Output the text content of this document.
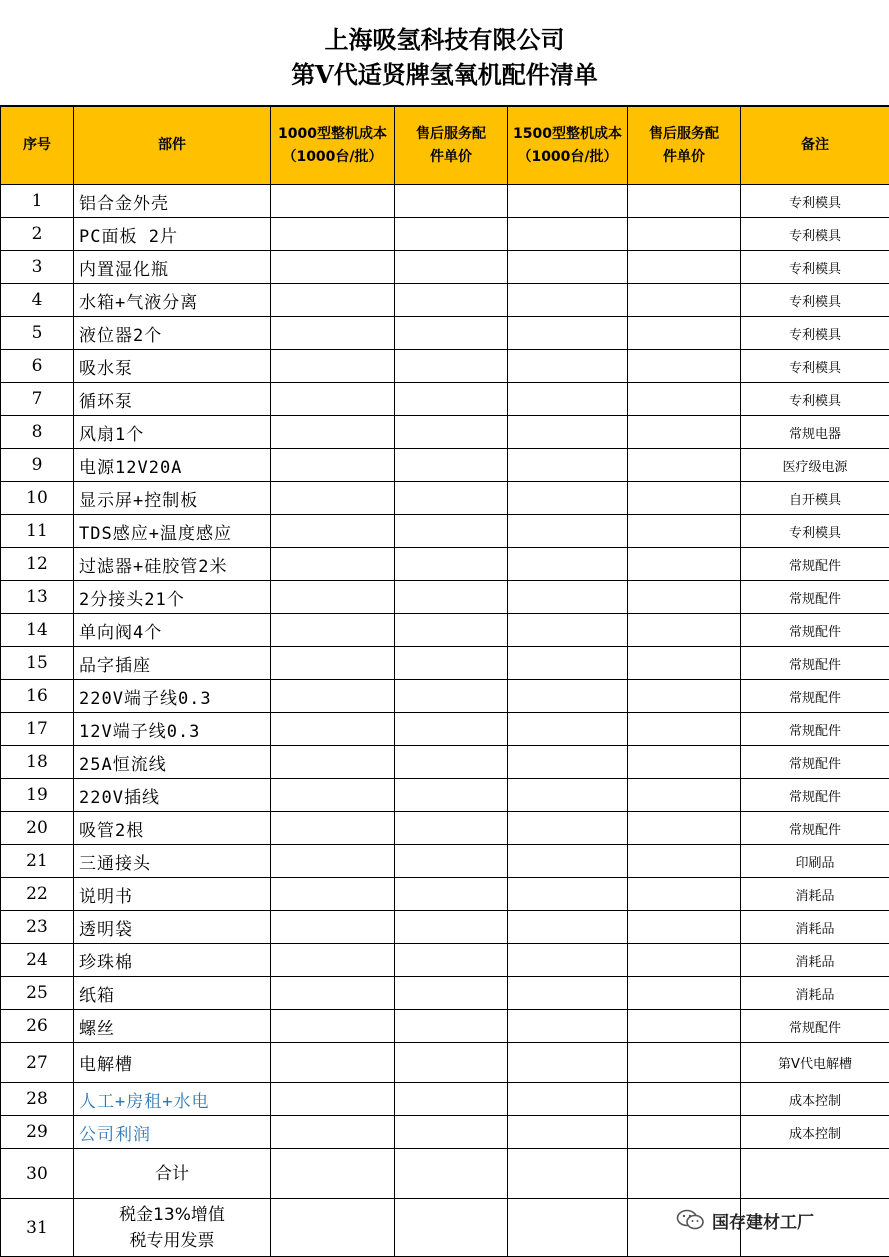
上海吸氢科技有限公司
第V代适贤牌氢氧机配件清单
序号	部件	1000型整机成本（1000台/批）	售后服务配件单价	1500型整机成本（1000台/批）	售后服务配件单价	备注
1	铝合金外壳					专利模具
2	PC面板 2片					专利模具
3	内置湿化瓶					专利模具
4	水箱+气液分离					专利模具
5	液位器2个					专利模具
6	吸水泵					专利模具
7	循环泵					专利模具
8	风扇1个					常规电器
9	电源12V20A					医疗级电源
10	显示屏+控制板					自开模具
11	TDS感应+温度感应					专利模具
12	过滤器+硅胶管2米					常规配件
13	2分接头21个					常规配件
14	单向阀4个					常规配件
15	品字插座					常规配件
16	220V端子线0.3					常规配件
17	12V端子线0.3					常规配件
18	25A恒流线					常规配件
19	220V插线					常规配件
20	吸管2根					常规配件
21	三通接头					印刷品
22	说明书					消耗品
23	透明袋					消耗品
24	珍珠棉					消耗品
25	纸箱					消耗品
26	螺丝					常规配件
27	电解槽					第V代电解槽
28	人工+房租+水电					成本控制
29	公司利润					成本控制
30	合计					
31	税金13%增值税专用发票					
国存建材工厂
